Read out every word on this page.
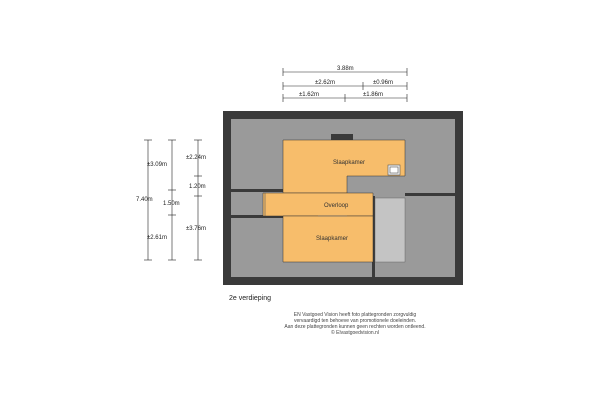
3.88m
±2.62m	±0.96m
±1.62m	±1.86m
7.40m
±3.09m
1.50m
±2.61m
±2.24m
1.20m
±3.76m
Slaapkamer
Overloop
Slaapkamer
2e verdieping
EN Vastgoed Vision heeft foto plattegronden zorgvuldig
vervaardigd ten behoeve van promotionele doeleinden.
Aan deze plattegronden kunnen geen rechten worden ontleend.
© Elvastgoedvision.nl
